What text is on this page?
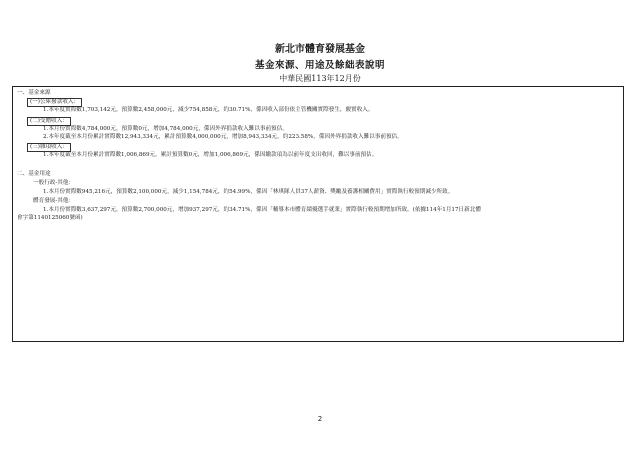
新北市體育發展基金
基金來源、用途及餘絀表說明
中華民國113年12月份
一、基金來源
(一)公庫撥款收入：
1.本年度實際數1,703,142元，預算數2,458,000元，減少754,858元，約30.71%，係因收入部份依主管機關實際發生，覈實收入。
(二)受贈收入：
1.本月份實際數4,784,000元，預算數0元，增加4,784,000元，係因外界捐款收入難以事前預估。
2.本年度截至本月份累計實際數12,943,334元，累計預算數4,000,000元，增加8,943,334元，約223.58%，係因外界捐款收入難以事前預估。
(三)雜項收入：
1.本年度截至本月份累計實際數1,006,869元，累計預算數0元，增加1,006,869元，係因繳款項為以前年度支出收回，難以事前預估。
二、基金用途
一般行政-其他：
1.本月份實際數945,216元，預算數2,100,000元，減少1,154,784元，約54.99%，係因「林琪隊人員37人薪資、獎勵及養護相關費用」實際執行較預期減少所致。
體育發展-其他：
1.本月份實際數3,637,297元，預算數2,700,000元，增加937,297元，約34.71%，係因「輔導本市體育績優選手就業」實際執行較預期增加所致。(依據114年1月17日新北體
會字第1140125060號函)
2
